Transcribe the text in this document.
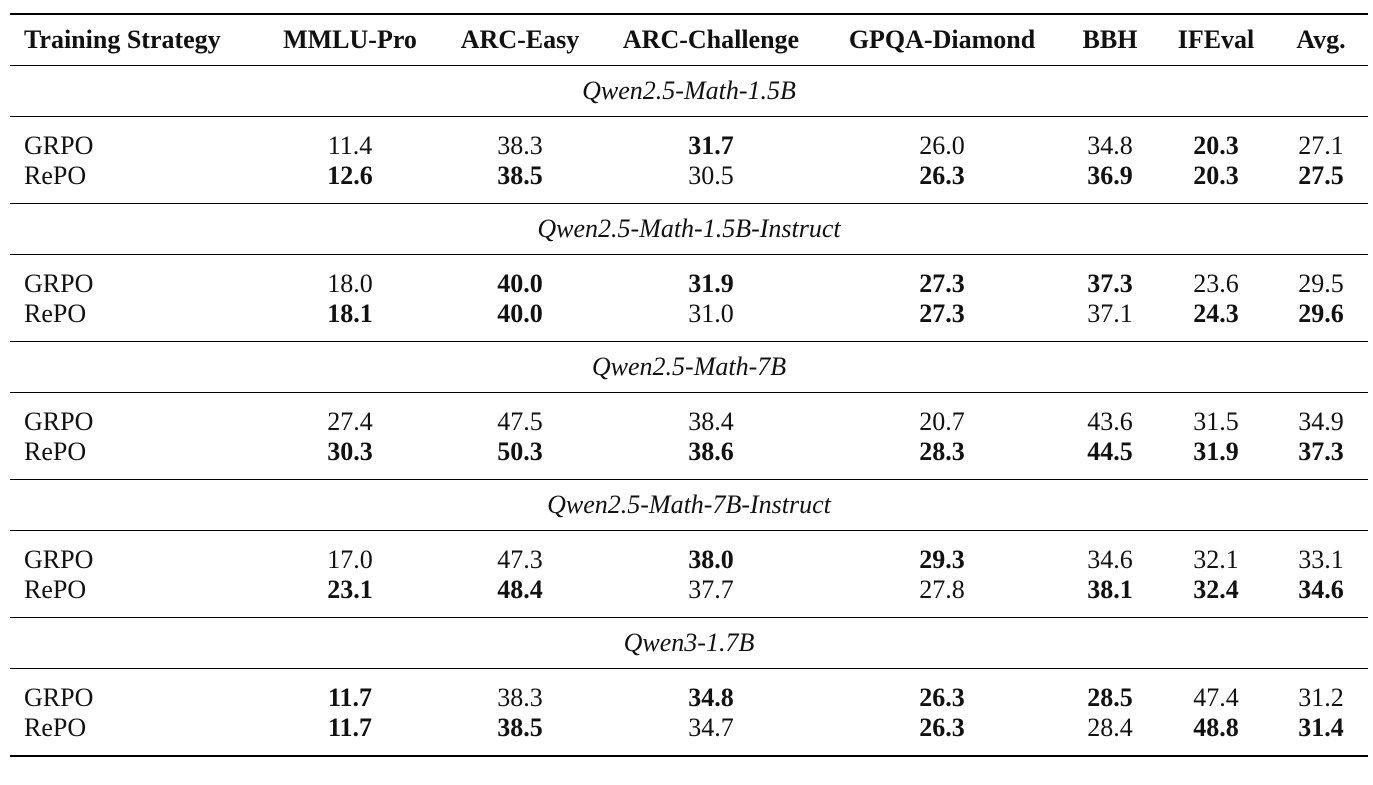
Training Strategy	MMLU-Pro	ARC-Easy	ARC-Challenge	GPQA-Diamond	BBH	IFEval	Avg.
Qwen2.5-Math-1.5B							
GRPO	11.4	38.3	31.7	26.0	34.8	20.3	27.1
RePO	12.6	38.5	30.5	26.3	36.9	20.3	27.5
Qwen2.5-Math-1.5B-Instruct							
GRPO	18.0	40.0	31.9	27.3	37.3	23.6	29.5
RePO	18.1	40.0	31.0	27.3	37.1	24.3	29.6
Qwen2.5-Math-7B							
GRPO	27.4	47.5	38.4	20.7	43.6	31.5	34.9
RePO	30.3	50.3	38.6	28.3	44.5	31.9	37.3
Qwen2.5-Math-7B-Instruct							
GRPO	17.0	47.3	38.0	29.3	34.6	32.1	33.1
RePO	23.1	48.4	37.7	27.8	38.1	32.4	34.6
Qwen3-1.7B							
GRPO	11.7	38.3	34.8	26.3	28.5	47.4	31.2
RePO	11.7	38.5	34.7	26.3	28.4	48.8	31.4
